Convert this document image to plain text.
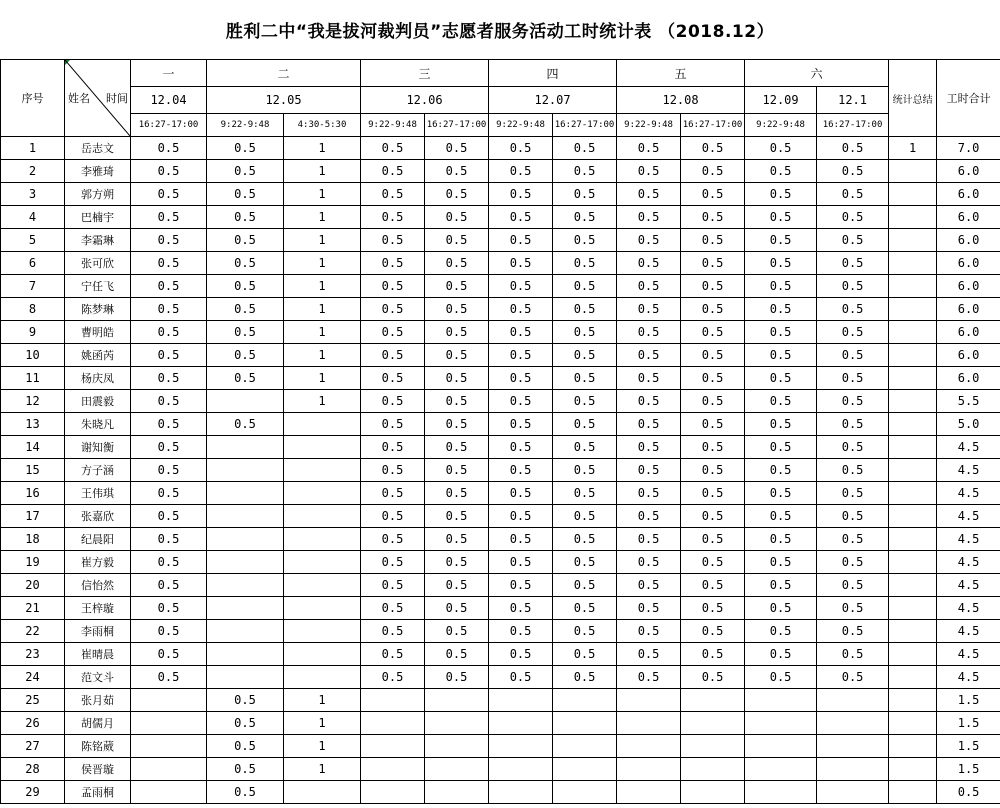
胜利二中“我是拔河裁判员”志愿者服务活动工时统计表 （2018.12）
序号	姓名 时间	一	二		三		四		五		六		统计总结	工时合计
		12.04	12.05		12.06		12.07		12.08		12.09	12.1		
		16:27-17:00	9:22-9:48	4:30-5:30	9:22-9:48	16:27-17:00	9:22-9:48	16:27-17:00	9:22-9:48	16:27-17:00	9:22-9:48	16:27-17:00		
1	岳志文	0.5	0.5	1	0.5	0.5	0.5	0.5	0.5	0.5	0.5	0.5	1	7.0
2	李雅琦	0.5	0.5	1	0.5	0.5	0.5	0.5	0.5	0.5	0.5	0.5		6.0
3	郭方朔	0.5	0.5	1	0.5	0.5	0.5	0.5	0.5	0.5	0.5	0.5		6.0
4	巴楠宇	0.5	0.5	1	0.5	0.5	0.5	0.5	0.5	0.5	0.5	0.5		6.0
5	李霜琳	0.5	0.5	1	0.5	0.5	0.5	0.5	0.5	0.5	0.5	0.5		6.0
6	张可欣	0.5	0.5	1	0.5	0.5	0.5	0.5	0.5	0.5	0.5	0.5		6.0
7	宁任飞	0.5	0.5	1	0.5	0.5	0.5	0.5	0.5	0.5	0.5	0.5		6.0
8	陈梦琳	0.5	0.5	1	0.5	0.5	0.5	0.5	0.5	0.5	0.5	0.5		6.0
9	曹明皓	0.5	0.5	1	0.5	0.5	0.5	0.5	0.5	0.5	0.5	0.5		6.0
10	姚函芮	0.5	0.5	1	0.5	0.5	0.5	0.5	0.5	0.5	0.5	0.5		6.0
11	杨庆凤	0.5	0.5	1	0.5	0.5	0.5	0.5	0.5	0.5	0.5	0.5		6.0
12	田震毅	0.5		1	0.5	0.5	0.5	0.5	0.5	0.5	0.5	0.5		5.5
13	朱晓凡	0.5	0.5		0.5	0.5	0.5	0.5	0.5	0.5	0.5	0.5		5.0
14	谢知衡	0.5			0.5	0.5	0.5	0.5	0.5	0.5	0.5	0.5		4.5
15	方子涵	0.5			0.5	0.5	0.5	0.5	0.5	0.5	0.5	0.5		4.5
16	王伟琪	0.5			0.5	0.5	0.5	0.5	0.5	0.5	0.5	0.5		4.5
17	张嘉欣	0.5			0.5	0.5	0.5	0.5	0.5	0.5	0.5	0.5		4.5
18	纪晨阳	0.5			0.5	0.5	0.5	0.5	0.5	0.5	0.5	0.5		4.5
19	崔方毅	0.5			0.5	0.5	0.5	0.5	0.5	0.5	0.5	0.5		4.5
20	信怡然	0.5			0.5	0.5	0.5	0.5	0.5	0.5	0.5	0.5		4.5
21	王梓璇	0.5			0.5	0.5	0.5	0.5	0.5	0.5	0.5	0.5		4.5
22	李雨桐	0.5			0.5	0.5	0.5	0.5	0.5	0.5	0.5	0.5		4.5
23	崔晴晨	0.5			0.5	0.5	0.5	0.5	0.5	0.5	0.5	0.5		4.5
24	范文斗	0.5			0.5	0.5	0.5	0.5	0.5	0.5	0.5	0.5		4.5
25	张月茹		0.5	1										1.5
26	胡儒月		0.5	1										1.5
27	陈铭葳		0.5	1										1.5
28	侯晋璇		0.5	1										1.5
29	孟雨桐		0.5											0.5
